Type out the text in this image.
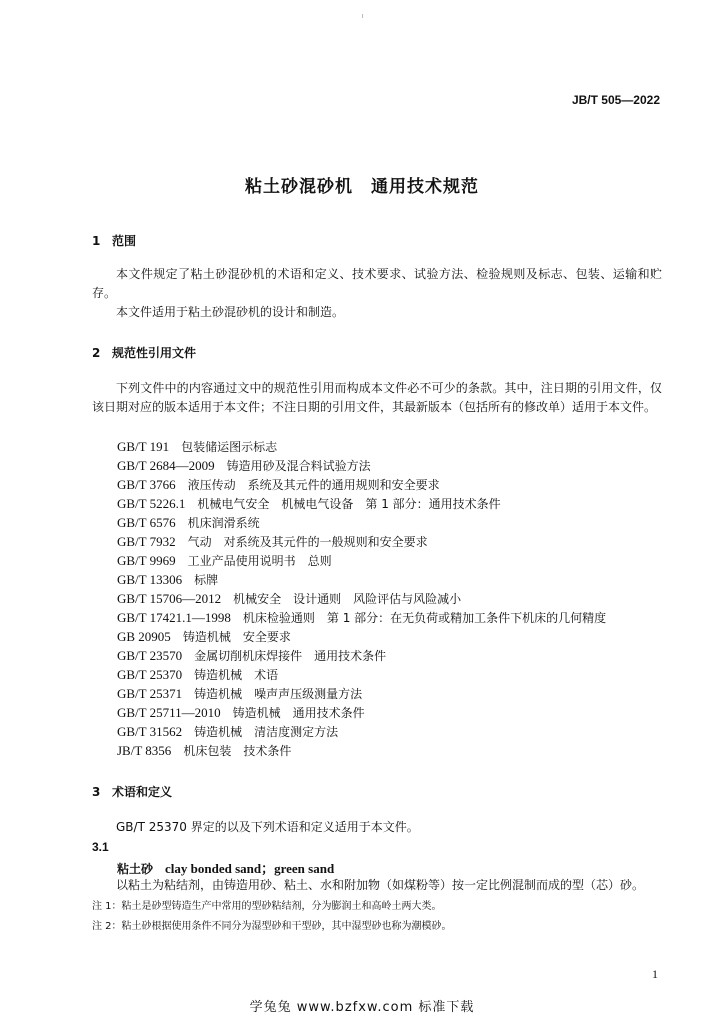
JB/T 505—2022
粘土砂混砂机　通用技术规范
1 范围
本文件规定了粘土砂混砂机的术语和定义、技术要求、试验方法、检验规则及标志、包装、运输和贮存。
本文件适用于粘土砂混砂机的设计和制造。
2 规范性引用文件
下列文件中的内容通过文中的规范性引用而构成本文件必不可少的条款。其中，注日期的引用文件，仅该日期对应的版本适用于本文件；不注日期的引用文件，其最新版本（包括所有的修改单）适用于本文件。
GB/T 191 包装储运图示标志
GB/T 2684—2009 铸造用砂及混合料试验方法
GB/T 3766 液压传动　系统及其元件的通用规则和安全要求
GB/T 5226.1 机械电气安全　机械电气设备　第 1 部分：通用技术条件
GB/T 6576 机床润滑系统
GB/T 7932 气动　对系统及其元件的一般规则和安全要求
GB/T 9969 工业产品使用说明书　总则
GB/T 13306 标牌
GB/T 15706—2012 机械安全　设计通则　风险评估与风险减小
GB/T 17421.1—1998 机床检验通则　第 1 部分：在无负荷或精加工条件下机床的几何精度
GB 20905 铸造机械　安全要求
GB/T 23570 金属切削机床焊接件　通用技术条件
GB/T 25370 铸造机械　术语
GB/T 25371 铸造机械　噪声声压级测量方法
GB/T 25711—2010 铸造机械　通用技术条件
GB/T 31562 铸造机械　清洁度测定方法
JB/T 8356 机床包装　技术条件
3 术语和定义
GB/T 25370 界定的以及下列术语和定义适用于本文件。
3.1
粘土砂 clay bonded sand；green sand
以粘土为粘结剂，由铸造用砂、粘土、水和附加物（如煤粉等）按一定比例混制而成的型（芯）砂。
注 1：粘土是砂型铸造生产中常用的型砂粘结剂，分为膨润土和高岭土两大类。
注 2：粘土砂根据使用条件不同分为湿型砂和干型砂，其中湿型砂也称为潮模砂。
1
学兔兔 www.bzfxw.com 标准下载
